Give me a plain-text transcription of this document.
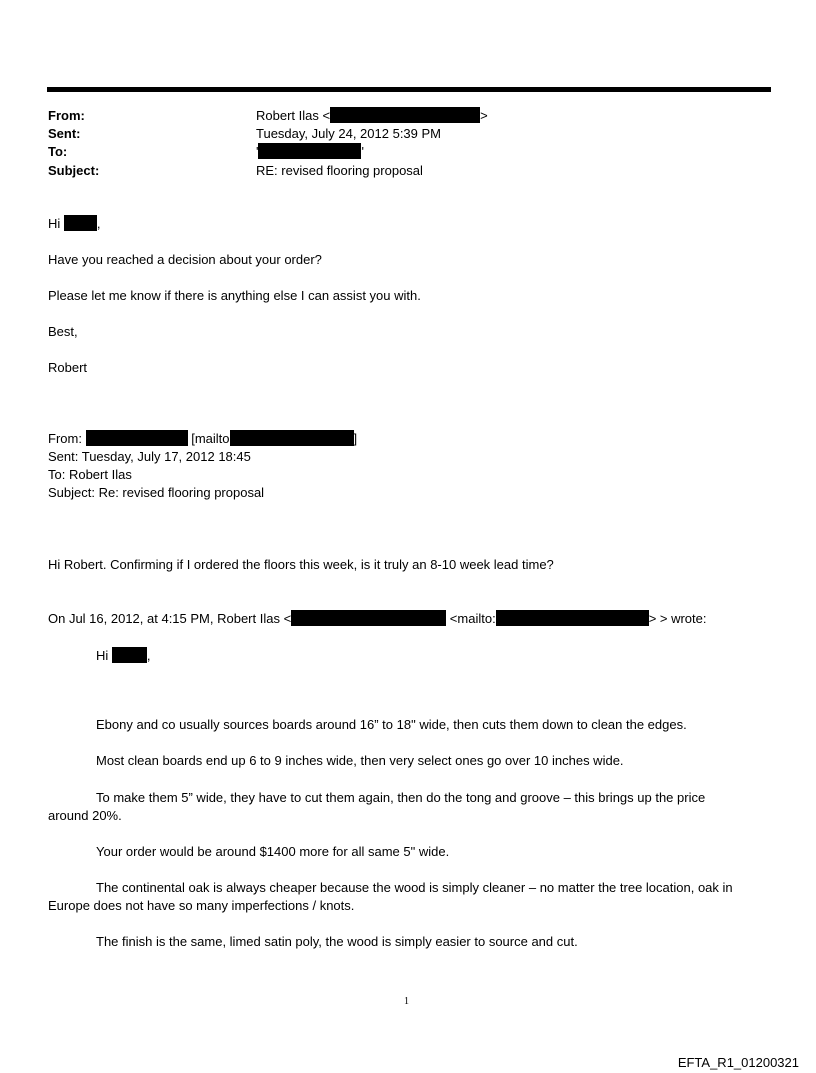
From:	Robert Ilas <	>
Sent:	Tuesday, July 24, 2012 5:39 PM
To:	'	'
Subject:	RE: revised flooring proposal
Hi	,
Have you reached a decision about your order?
Please let me know if there is anything else I can assist you with.
Best,
Robert
From:	[mailto	]
Sent: Tuesday, July 17, 2012 18:45
To: Robert Ilas
Subject: Re: revised flooring proposal
Hi Robert. Confirming if I ordered the floors this week, is it truly an 8-10 week lead time?
On Jul 16, 2012, at 4:15 PM, Robert Ilas <	<mailto:	> > wrote:
Hi	,
Ebony and co usually sources boards around 16” to 18" wide, then cuts them down to clean the edges.
Most clean boards end up 6 to 9 inches wide, then very select ones go over 10 inches wide.
To make them 5” wide, they have to cut them again, then do the tong and groove – this brings up the price
around 20%.
Your order would be around $1400 more for all same 5" wide.
The continental oak is always cheaper because the wood is simply cleaner – no matter the tree location, oak in
Europe does not have so many imperfections / knots.
The finish is the same, limed satin poly, the wood is simply easier to source and cut.
1
EFTA_R1_01200321
